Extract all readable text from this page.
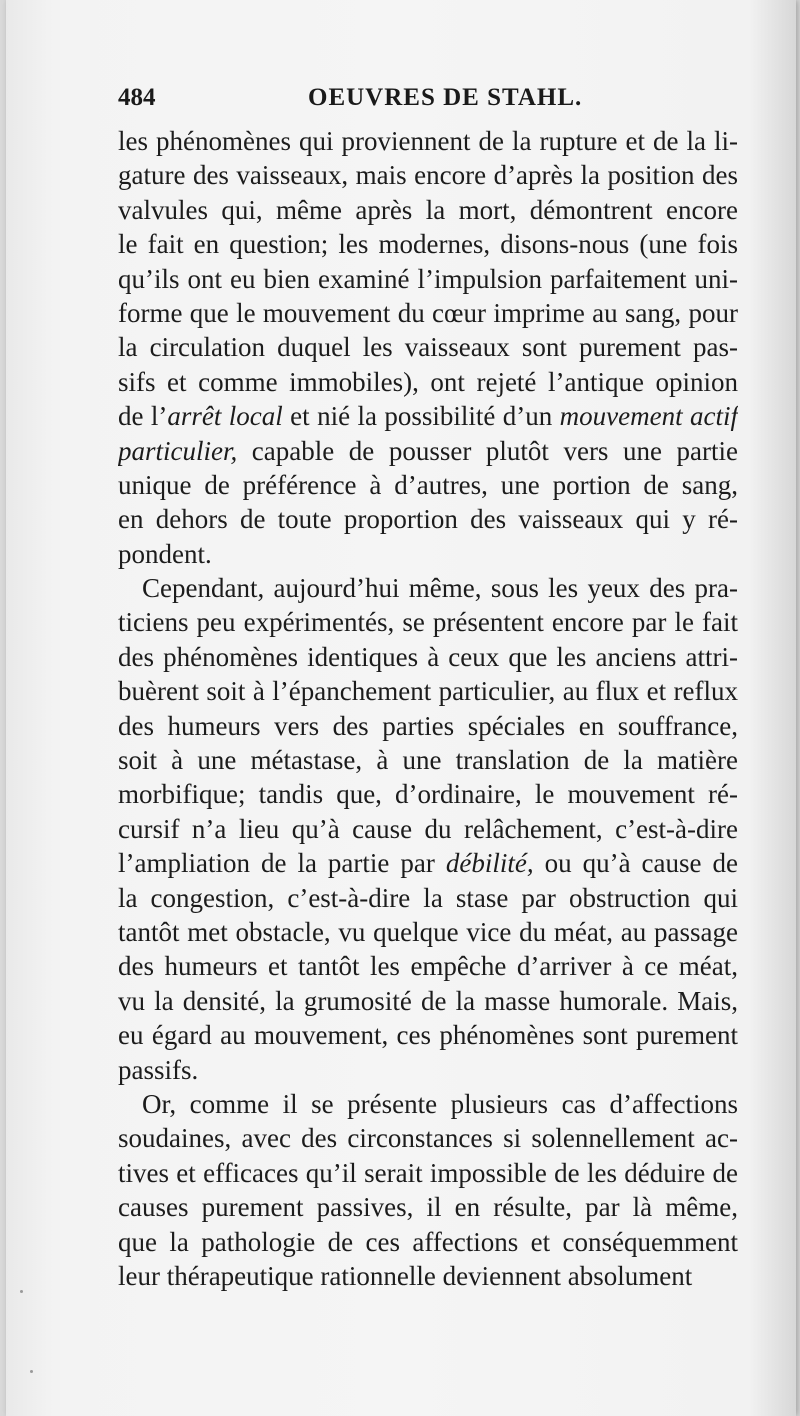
484	OEUVRES DE STAHL.
les phénomènes qui proviennent de la rupture et de la li-
gature des vaisseaux, mais encore d’après la position des
valvules qui, même après la mort, démontrent encore
le fait en question; les modernes, disons-nous (une fois
qu’ils ont eu bien examiné l’impulsion parfaitement uni-
forme que le mouvement du cœur imprime au sang, pour
la circulation duquel les vaisseaux sont purement pas-
sifs et comme immobiles), ont rejeté l’antique opinion
de l’arrêt local et nié la possibilité d’un mouvement actif
particulier, capable de pousser plutôt vers une partie
unique de préférence à d’autres, une portion de sang,
en dehors de toute proportion des vaisseaux qui y ré-
pondent.
Cependant, aujourd’hui même, sous les yeux des pra-
ticiens peu expérimentés, se présentent encore par le fait
des phénomènes identiques à ceux que les anciens attri-
buèrent soit à l’épanchement particulier, au flux et reflux
des humeurs vers des parties spéciales en souffrance,
soit à une métastase, à une translation de la matière
morbifique; tandis que, d’ordinaire, le mouvement ré-
cursif n’a lieu qu’à cause du relâchement, c’est-à-dire
l’ampliation de la partie par débilité, ou qu’à cause de
la congestion, c’est-à-dire la stase par obstruction qui
tantôt met obstacle, vu quelque vice du méat, au passage
des humeurs et tantôt les empêche d’arriver à ce méat,
vu la densité, la grumosité de la masse humorale. Mais,
eu égard au mouvement, ces phénomènes sont purement
passifs.
Or, comme il se présente plusieurs cas d’affections
soudaines, avec des circonstances si solennellement ac-
tives et efficaces qu’il serait impossible de les déduire de
causes purement passives, il en résulte, par là même,
que la pathologie de ces affections et conséquemment
leur thérapeutique rationnelle deviennent absolument
